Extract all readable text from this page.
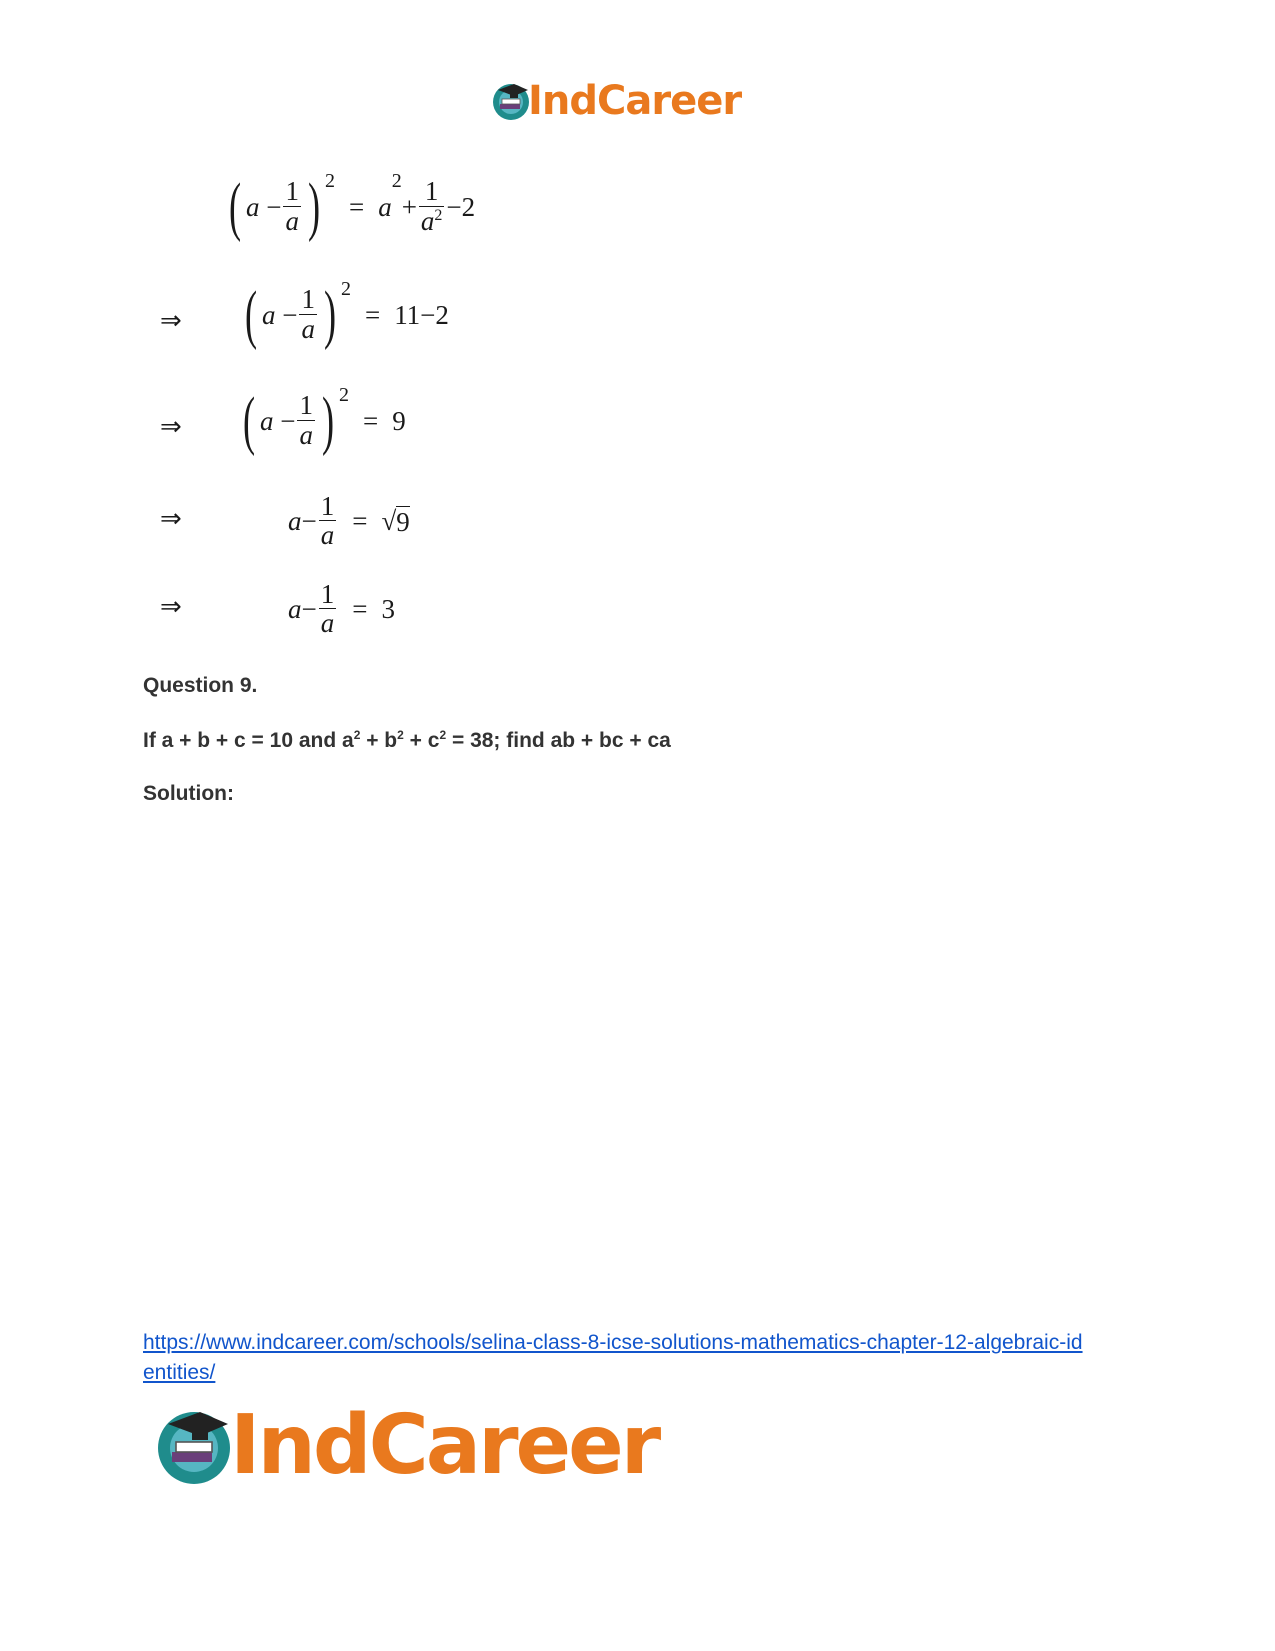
IndCareer
( $a - \frac{1}{a}$ ) 2
= a
2
+ $\frac{1}{a^2} -2$
⇒ ( $a - \frac{1}{a}$ ) 2
= 11−2
⇒ ( $a - \frac{1}{a}$ ) 2
= 9
⇒	$a - \frac{1}{a}$ = √ 9
⇒	$a - \frac{1}{a} = 3$
Question 9.
If a + b + c = 10 and $a^2 + b^2 + c^2 = 38$; find ab + bc + ca
Solution:
https://www.indcareer.com/schools/selina-class-8-icse-solutions-mathematics-chapter-12-algebraic-identities/
IndCareer
